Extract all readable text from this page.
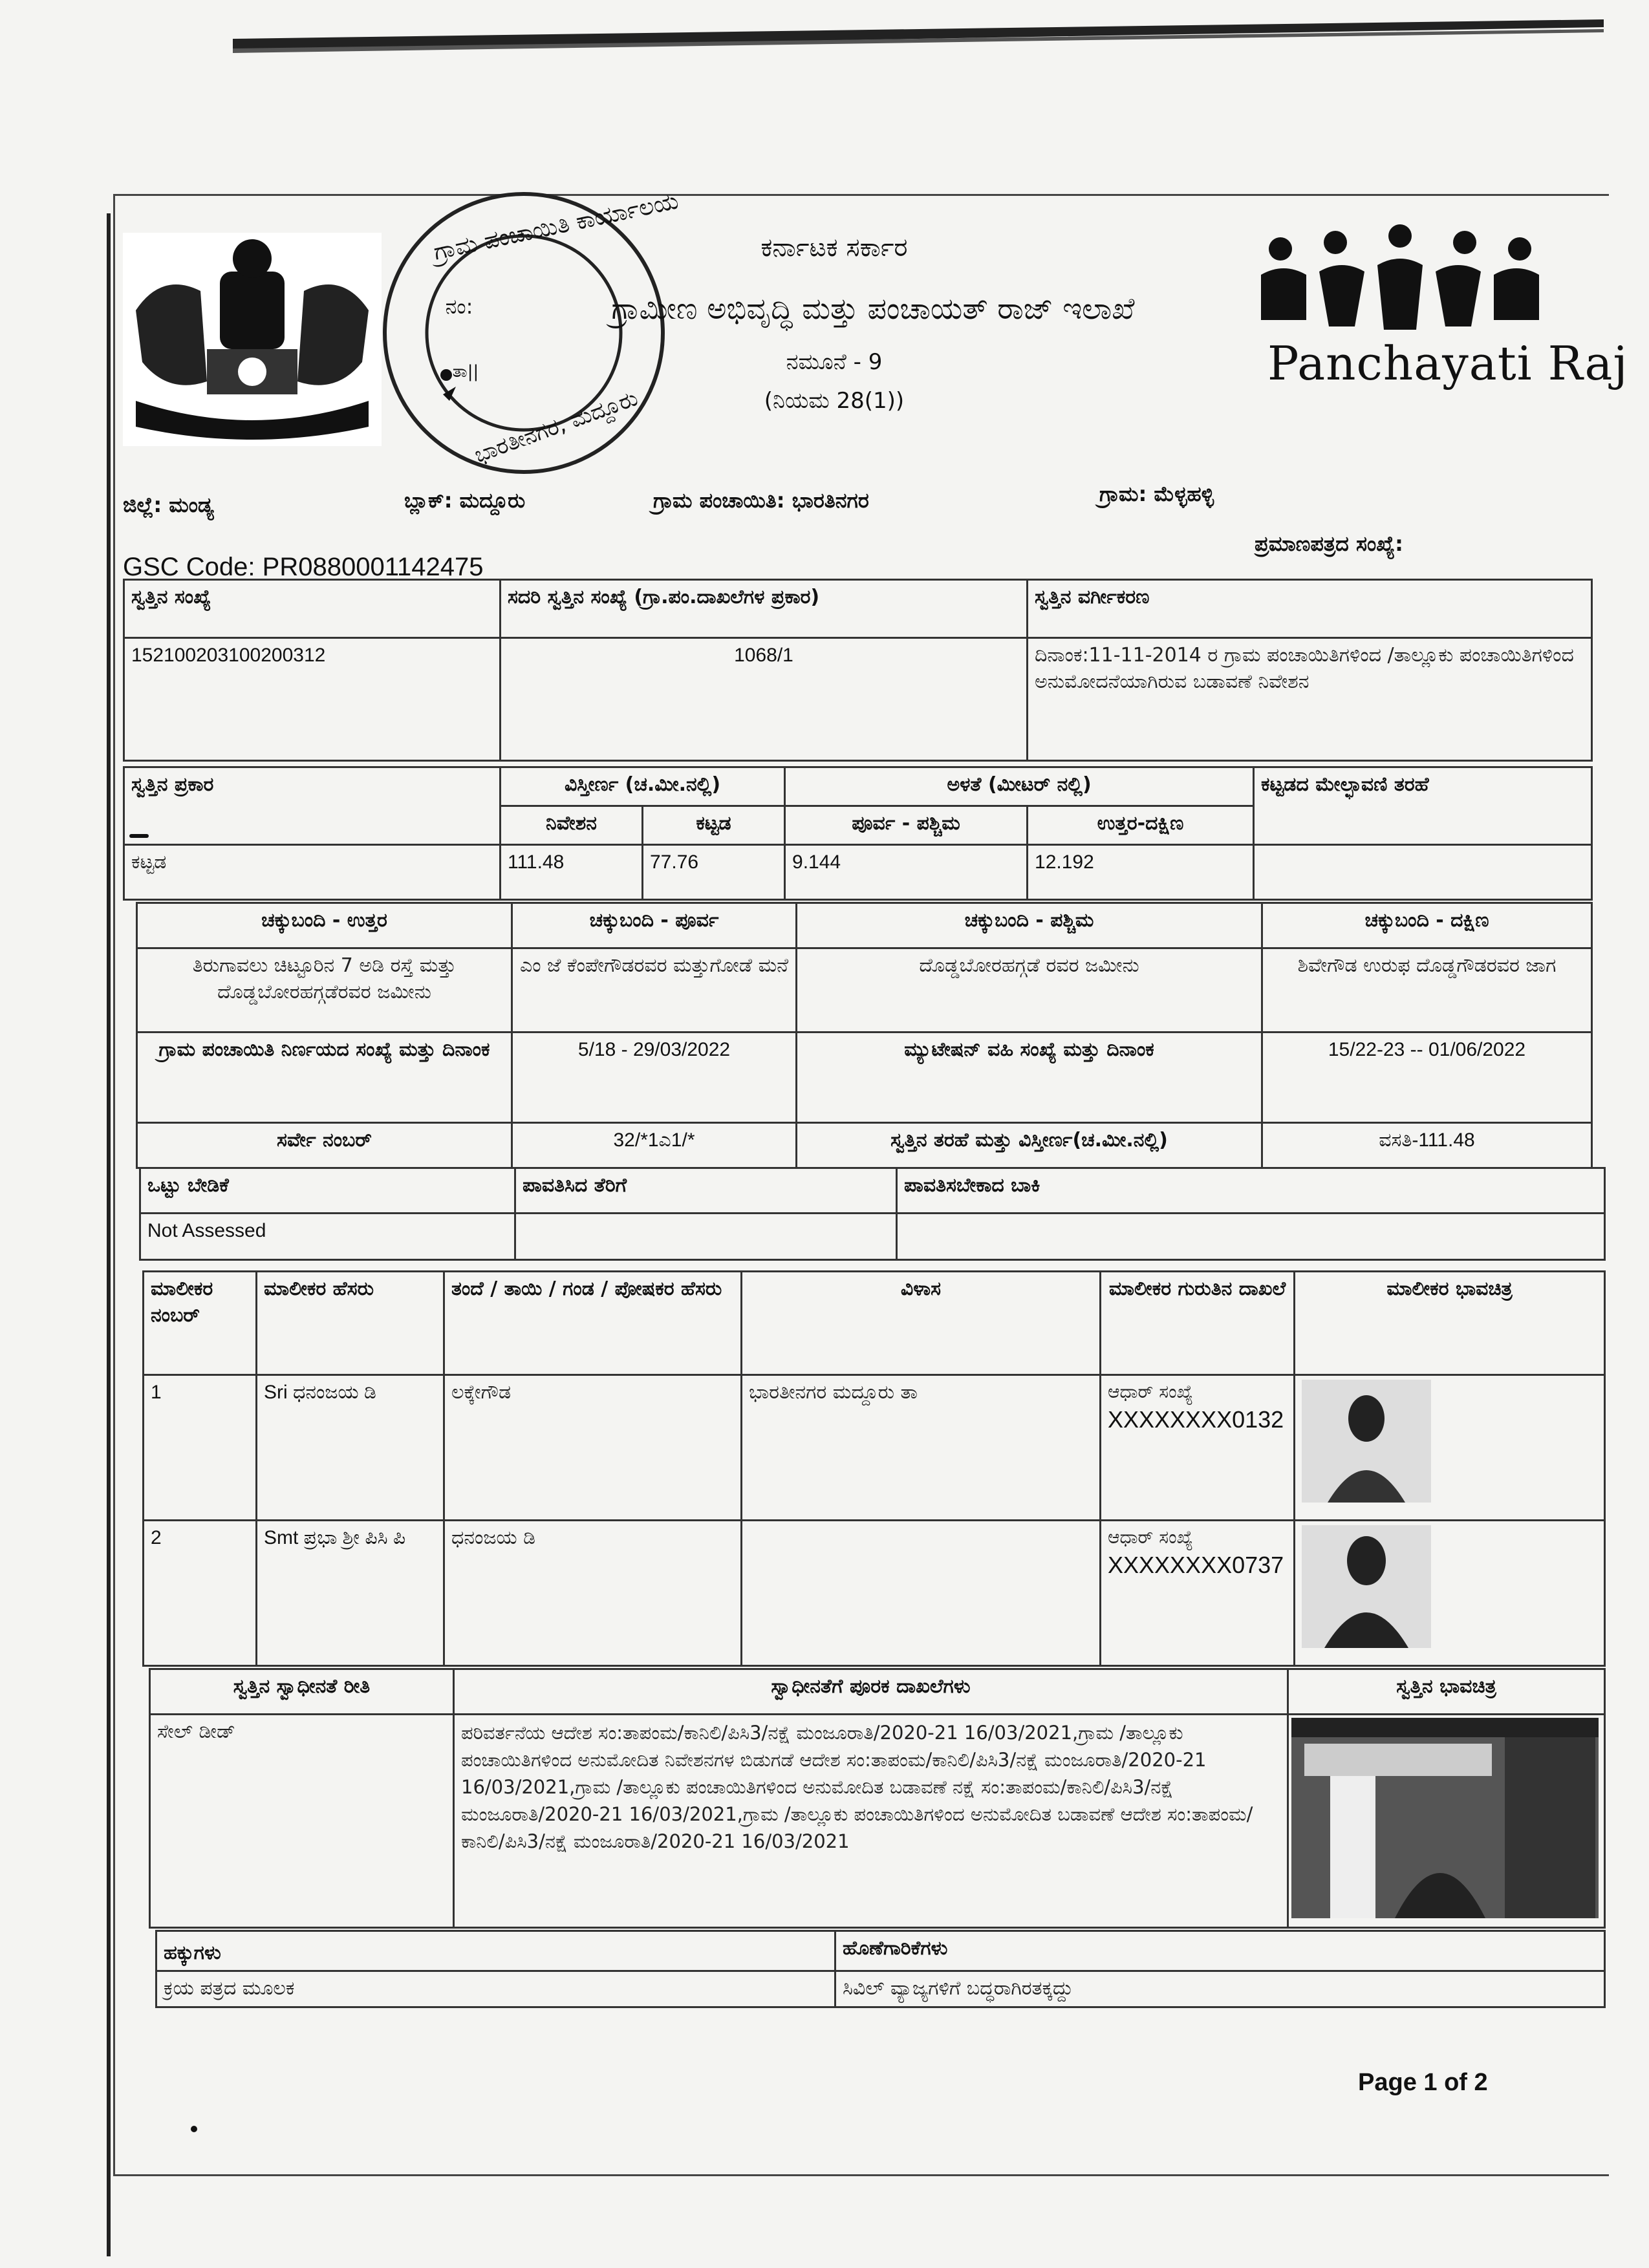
ಗ್ರಾಮ ಪಂಚಾಯಿತಿ ಕಾರ್ಯಾಲಯ
ಭಾರತೀನಗರ, ಮದ್ದೂರು
ನಂ:
ತಾ||
ಕರ್ನಾಟಕ ಸರ್ಕಾರ
ಗ್ರಾಮೀಣ ಅಭಿವೃದ್ಧಿ ಮತ್ತು ಪಂಚಾಯತ್ ರಾಜ್ ಇಲಾಖೆ
ನಮೂನೆ - 9
(ನಿಯಮ 28(1))
Panchayati Raj
ಜಿಲ್ಲೆ: ಮಂಡ್ಯ	ಬ್ಲಾಕ್: ಮದ್ದೂರು	ಗ್ರಾಮ ಪಂಚಾಯಿತಿ: ಭಾರತಿನಗರ	ಗ್ರಾಮ: ಮೆಳ್ಳಹಳ್ಳಿ
ಪ್ರಮಾಣಪತ್ರದ ಸಂಖ್ಯೆ:
GSC Code: PR0880001142475
ಸ್ವತ್ತಿನ ಸಂಖ್ಯೆ	ಸದರಿ ಸ್ವತ್ತಿನ ಸಂಖ್ಯೆ (ಗ್ರಾ.ಪಂ.ದಾಖಲೆಗಳ ಪ್ರಕಾರ)	ಸ್ವತ್ತಿನ ವರ್ಗೀಕರಣ
152100203100200312	1068/1	ದಿನಾಂಕ:11-11-2014 ರ ಗ್ರಾಮ ಪಂಚಾಯಿತಿಗಳಿಂದ /ತಾಲ್ಲೂಕು ಪಂಚಾಯಿತಿಗಳಿಂದ ಅನುಮೋದನೆಯಾಗಿರುವ ಬಡಾವಣೆ ನಿವೇಶನ
ಸ್ವತ್ತಿನ ಪ್ರಕಾರ	ವಿಸ್ತೀರ್ಣ (ಚ.ಮೀ.ನಲ್ಲಿ)		ಅಳತೆ (ಮೀಟರ್ ನಲ್ಲಿ)		ಕಟ್ಟಡದ ಮೇಲ್ಛಾವಣಿ ತರಹೆ
	ನಿವೇಶನ	ಕಟ್ಟಡ	ಪೂರ್ವ - ಪಶ್ಚಿಮ	ಉತ್ತರ-ದಕ್ಷಿಣ	
ಕಟ್ಟಡ	111.48	77.76	9.144	12.192	
ಚಕ್ಕುಬಂದಿ - ಉತ್ತರ	ಚಕ್ಕುಬಂದಿ - ಪೂರ್ವ	ಚಕ್ಕುಬಂದಿ - ಪಶ್ಚಿಮ	ಚಕ್ಕುಬಂದಿ - ದಕ್ಷಿಣ
ತಿರುಗಾವಲು ಚಿಟ್ಟೂರಿನ 7 ಅಡಿ ರಸ್ತೆ ಮತ್ತು ದೊಡ್ಡಬೋರಹಗ್ಗಡೆರವರ ಜಮೀನು	ಎಂ ಜೆ ಕೆಂಪೇಗೌಡರವರ ಮತ್ತುಗೋಡೆ ಮನೆ	ದೊಡ್ಡಬೋರಹಗ್ಗಡೆ ರವರ ಜಮೀನು	ಶಿವೇಗೌಡ ಉರುಫ ದೊಡ್ಡಗೌಡರವರ ಜಾಗ
ಗ್ರಾಮ ಪಂಚಾಯಿತಿ ನಿರ್ಣಯದ ಸಂಖ್ಯೆ ಮತ್ತು ದಿನಾಂಕ	5/18 - 29/03/2022	ಮ್ಯುಟೇಷನ್ ವಹಿ ಸಂಖ್ಯೆ ಮತ್ತು ದಿನಾಂಕ	15/22-23 -- 01/06/2022
ಸರ್ವೇ ನಂಬರ್	32/*1ಎ1/*	ಸ್ವತ್ತಿನ ತರಹೆ ಮತ್ತು ವಿಸ್ತೀರ್ಣ(ಚ.ಮೀ.ನಲ್ಲಿ)	ವಸತಿ-111.48
ಒಟ್ಟು ಬೇಡಿಕೆ	ಪಾವತಿಸಿದ ತೆರಿಗೆ	ಪಾವತಿಸಬೇಕಾದ ಬಾಕಿ
Not Assessed		
ಮಾಲೀಕರ ನಂಬರ್	ಮಾಲೀಕರ ಹೆಸರು	ತಂದೆ / ತಾಯಿ / ಗಂಡ / ಪೋಷಕರ ಹೆಸರು	ವಿಳಾಸ	ಮಾಲೀಕರ ಗುರುತಿನ ದಾಖಲೆ	ಮಾಲೀಕರ ಭಾವಚಿತ್ರ
1	Sri ಧನಂಜಯ ಡಿ	ಲಕ್ಕೇಗೌಡ	ಭಾರತೀನಗರ ಮದ್ದೂರು ತಾ	ಆಧಾರ್ ಸಂಖ್ಯೆ
XXXXXXXX0132

2	Smt ಪ್ರಭಾ ಶ್ರೀ ಪಿಸಿ ಪಿ	ಧನಂಜಯ ಡಿ		ಆಧಾರ್ ಸಂಖ್ಯೆ
XXXXXXXX0737

ಸ್ವತ್ತಿನ ಸ್ವಾಧೀನತೆ ರೀತಿ	ಸ್ವಾಧೀನತೆಗೆ ಪೂರಕ ದಾಖಲೆಗಳು	ಸ್ವತ್ತಿನ ಭಾವಚಿತ್ರ
ಸೇಲ್ ಡೀಡ್	ಪರಿವರ್ತನೆಯ ಆದೇಶ ಸಂ:ತಾಪಂಮ/ಕಾನಿಲಿ/ಪಿಸಿ3/ನಕ್ಷೆ ಮಂಜೂರಾತಿ/2020-21 16/03/2021,ಗ್ರಾಮ /ತಾಲ್ಲೂಕು ಪಂಚಾಯಿತಿಗಳಿಂದ ಅನುಮೋದಿತ ನಿವೇಶನಗಳ ಬಿಡುಗಡೆ ಆದೇಶ ಸಂ:ತಾಪಂಮ/ಕಾನಿಲಿ/ಪಿಸಿ3/ನಕ್ಷೆ ಮಂಜೂರಾತಿ/2020-21 16/03/2021,ಗ್ರಾಮ /ತಾಲ್ಲೂಕು ಪಂಚಾಯಿತಿಗಳಿಂದ ಅನುಮೋದಿತ ಬಡಾವಣೆ ನಕ್ಷೆ ಸಂ:ತಾಪಂಮ/ಕಾನಿಲಿ/ಪಿಸಿ3/ನಕ್ಷೆ ಮಂಜೂರಾತಿ/2020-21 16/03/2021,ಗ್ರಾಮ /ತಾಲ್ಲೂಕು ಪಂಚಾಯಿತಿಗಳಿಂದ ಅನುಮೋದಿತ ಬಡಾವಣೆ ಆದೇಶ ಸಂ:ತಾಪಂಮ/ಕಾನಿಲಿ/ಪಿಸಿ3/ನಕ್ಷೆ ಮಂಜೂರಾತಿ/2020-21 16/03/2021	
ಹಕ್ಕುಗಳು	ಹೊಣೆಗಾರಿಕೆಗಳು
ಕ್ರಯ ಪತ್ರದ ಮೂಲಕ	ಸಿವಿಲ್ ವ್ಯಾಜ್ಯಗಳಿಗೆ ಬದ್ಧರಾಗಿರತಕ್ಕದ್ದು
Page 1 of 2
